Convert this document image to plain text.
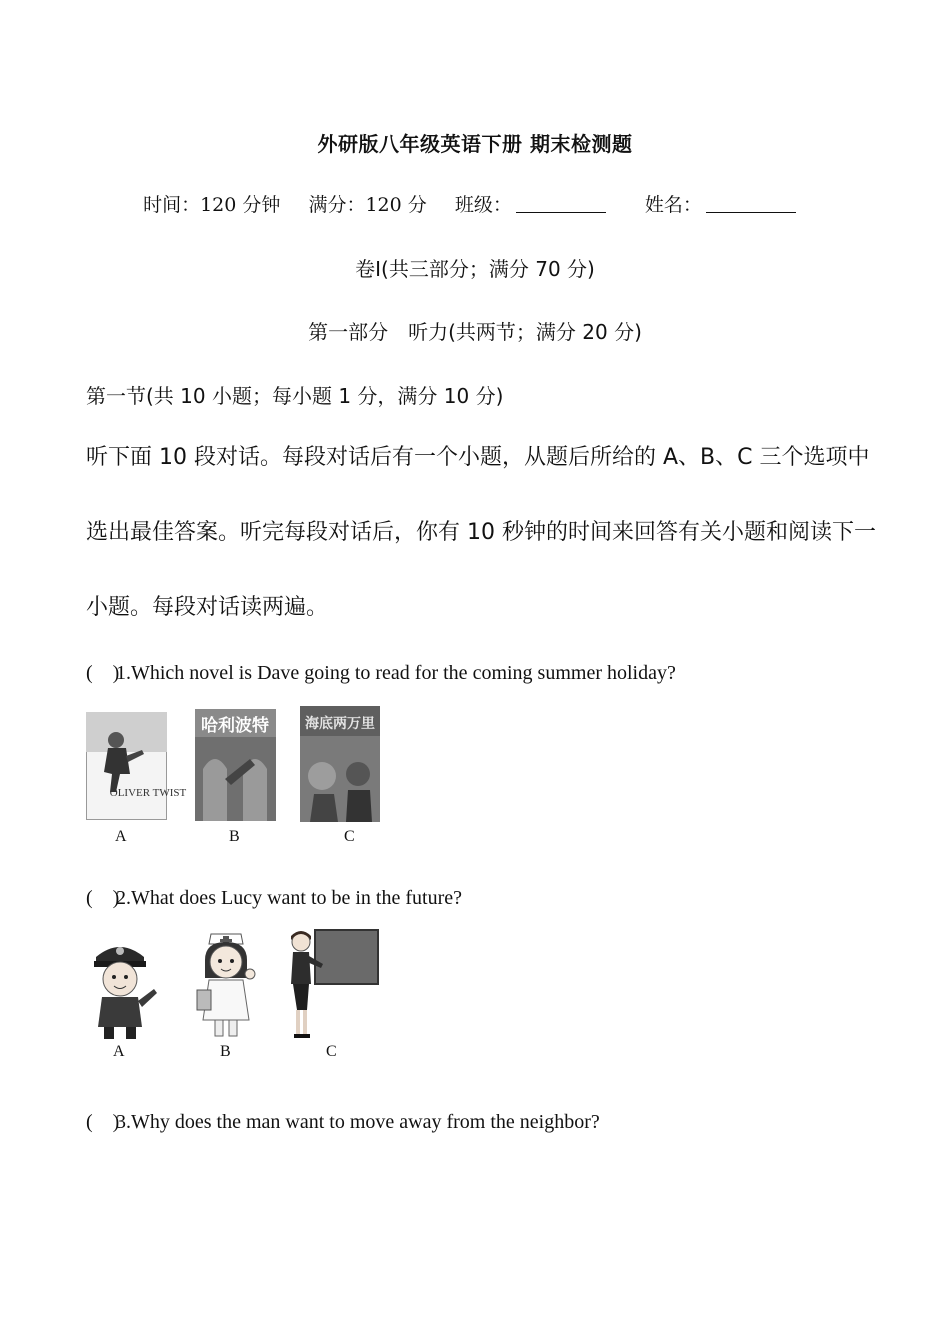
外研版八年级英语下册 期末检测题
时间：120 分钟 满分：120 分 班级：	姓名：
卷Ⅰ(共三部分；满分 70 分)
第一部分　听力(共两节；满分 20 分)
第一节(共 10 小题；每小题 1 分，满分 10 分)
听下面 10 段对话。每段对话后有一个小题，从题后所给的 A、B、C 三个选项中选出最佳答案。听完每段对话后，你有 10 秒钟的时间来回答有关小题和阅读下一小题。每段对话读两遍。
(　)1.Which novel is Dave going to read for the coming summer holiday?
OLIVER TWIST
A
哈利波特
B
海底两万里
C
(　)2.What does Lucy want to be in the future?
A	B	C
(　)3.Why does the man want to move away from the neighbor?
